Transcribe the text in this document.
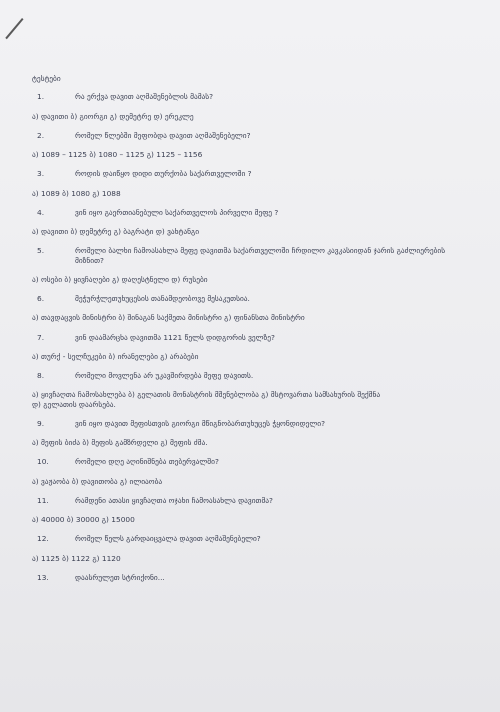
ტესტები
1.	რა ერქვა დავით აღმაშენებლის მამას?
ა) დავითი ბ) გიორგი გ) დემეტრე დ) ერეკლე
2.	რომელ წლებში მეფობდა დავით აღმაშენებელი?
ა) 1089 – 1125 ბ) 1080 – 1125 გ) 1125 – 1156
3.	როდის დაიწყო დიდი თურქობა საქართველოში ?
ა) 1089 ბ) 1080 გ) 1088
4.	ვინ იყო გაერთიანებული საქართველოს პირველი მეფე ?
ა) დავითი ბ) დემეტრე გ) ბაგრატი დ) ვახტანგი
5.	რომელი ბალხი ჩამოასახლა მეფე დავითმა საქართველოში ჩრდილო კავკასიიდან ჯარის გაძლიერების მიზნით?
ა) ოსები ბ) ყივჩაღები გ) დაღესტნელი დ) რუსები
6.	მეჭურჭლეთუხუცესის თანამდეობოვე მესაკუთსია.
ა) თავდაცვის მინისტრი ბ) შინაგან საქმეთა მინისტრი გ) ფინანსთა მინისტრი
7.	ვინ დაამარცხა დავითმა 1121 წელს დიდგორის ველზე?
ა) თურქ - სელჩუკები ბ) ირანელები გ) არაბები
8.	რომელი მოვლენა არ უკავშირდება მეფე დავითს.
ა) ყივჩაღთა ჩამოსახლება ბ) გელათის მონასტრის მშენებლობა გ) მსტოვართა სამსახურის შექმნა
დ) გელათის დაარსება.
9.	ვინ იყო დავით მეფისთვის გიორგი მწიგნობართუხუცეს ჭყონდიდელი?
ა) მეფის ბიძა ბ) მეფის გამზრდელი გ) მეფის ძმა.
10.	რომელი დღე აღინიშნება თებერვალში?
ა) ვაჟაობა ბ) დავითობა გ) ილიაობა
11.	რამდენი ათასი ყივჩაღთა ოჯახი ჩამოასახლა დავითმა?
ა) 40000 ბ) 30000 გ) 15000
12.	რომელ წელს გარდაიცვალა დავით აღმაშენებელი?
ა) 1125 ბ) 1122 გ) 1120
13.	დაასრულეთ სტრიქონი...
